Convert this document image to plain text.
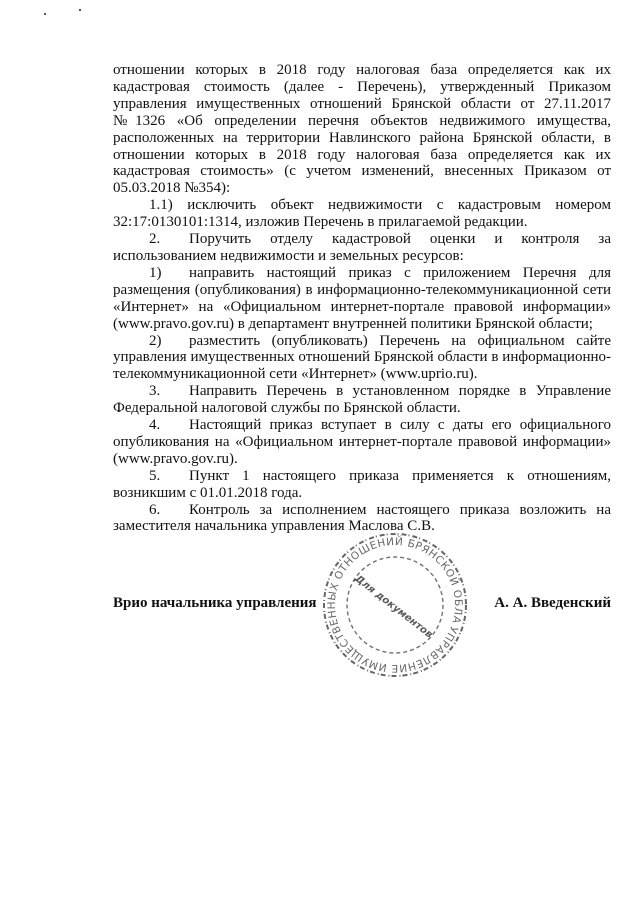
отношении которых в 2018 году налоговая база определяется как их кадастровая стоимость (далее - Перечень), утвержденный Приказом управления имущественных отношений Брянской области от 27.11.2017 №1326 «Об определении перечня объектов недвижимого имущества, расположенных на территории Навлинского района Брянской области, в отношении которых в 2018 году налоговая база определяется как их кадастровая стоимость» (с учетом изменений, внесенных Приказом от 05.03.2018 №354):

1.1) исключить объект недвижимости с кадастровым номером 32:17:0130101:1314, изложив Перечень в прилагаемой редакции.

2. Поручить отделу кадастровой оценки и контроля за использованием недвижимости и земельных ресурсов:

1) направить настоящий приказ с приложением Перечня для размещения (опубликования) в информационно-телекоммуникационной сети «Интернет» на «Официальном интернет-портале правовой информации» (www.pravo.gov.ru) в департамент внутренней политики Брянской области;

2) разместить (опубликовать) Перечень на официальном сайте управления имущественных отношений Брянской области в информационно-телекоммуникационной сети «Интернет» (www.uprio.ru).

3. Направить Перечень в установленном порядке в Управление Федеральной налоговой службы по Брянской области.

4. Настоящий приказ вступает в силу с даты его официального опубликования на «Официальном интернет-портале правовой информации» (www.pravo.gov.ru).

5. Пункт 1 настоящего приказа применяется к отношениям, возникшим с 01.01.2018 года.

6. Контроль за исполнением настоящего приказа возложить на заместителя начальника управления Маслова С.В.

УПРАВЛЕНИЕ ИМУЩЕСТВЕННЫХ ОТНОШЕНИЙ БРЯНСКОЙ ОБЛАСТИ
Для документов
Врио начальника управления	А. А. Введенский
